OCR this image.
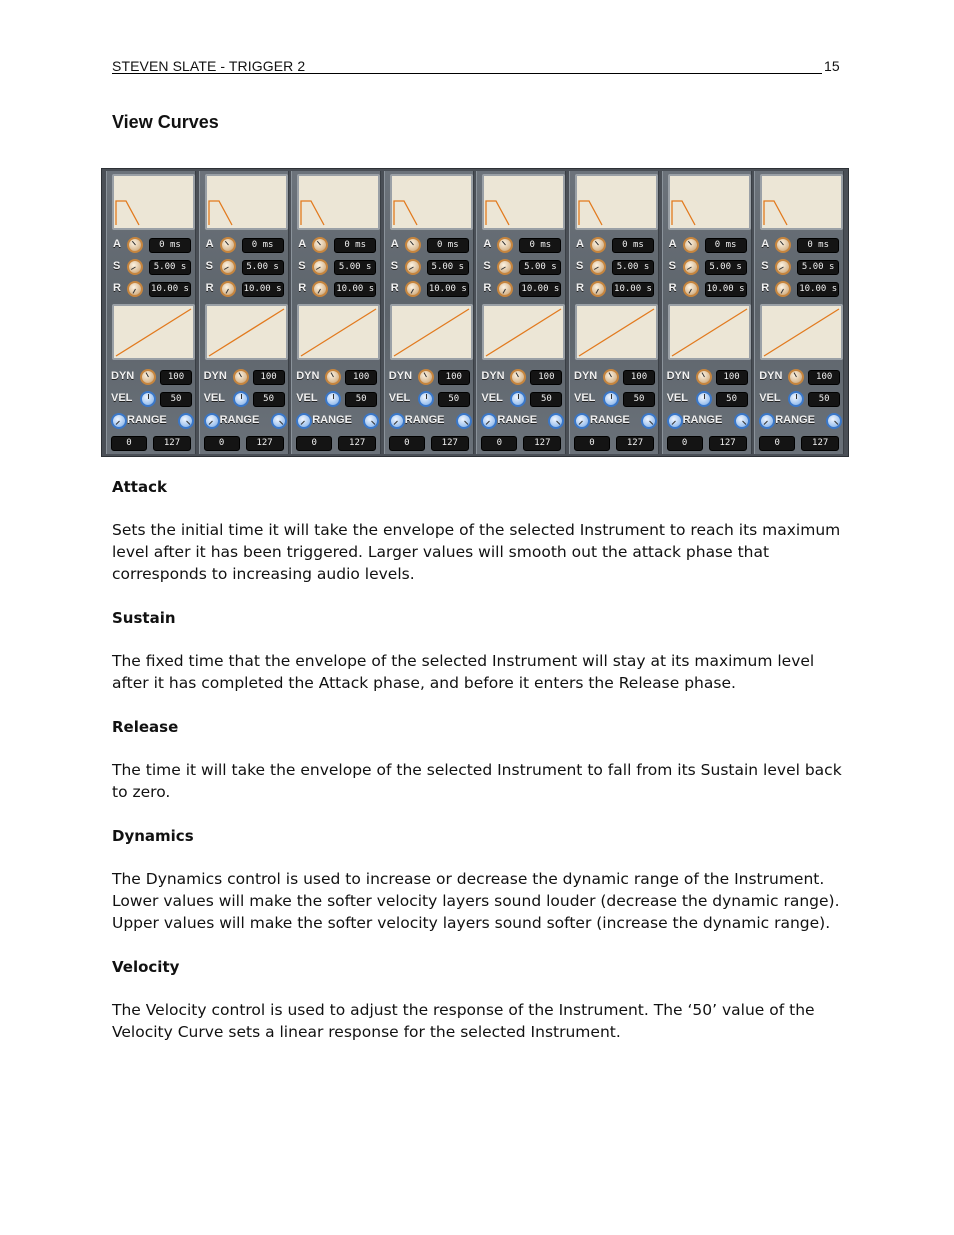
STEVEN SLATE - TRIGGER 2	15
View Curves
A	0 ms
S	5.00 s
R	10.00 s
DYN	100
VEL	50
RANGE
0	127
A	0 ms
S	5.00 s
R	10.00 s
DYN	100
VEL	50
RANGE
0	127
A	0 ms
S	5.00 s
R	10.00 s
DYN	100
VEL	50
RANGE
0	127
A	0 ms
S	5.00 s
R	10.00 s
DYN	100
VEL	50
RANGE
0	127
A	0 ms
S	5.00 s
R	10.00 s
DYN	100
VEL	50
RANGE
0	127
A	0 ms
S	5.00 s
R	10.00 s
DYN	100
VEL	50
RANGE
0	127
A	0 ms
S	5.00 s
R	10.00 s
DYN	100
VEL	50
RANGE
0	127
A	0 ms
S	5.00 s
R	10.00 s
DYN	100
VEL	50
RANGE
0	127
Attack

Sets the initial time it will take the envelope of the selected Instrument to reach its maximum level after it has been triggered. Larger values will smooth out the attack phase that corresponds to increasing audio levels.

Sustain

The fixed time that the envelope of the selected Instrument will stay at its maximum level after it has completed the Attack phase, and before it enters the Release phase.

Release

The time it will take the envelope of the selected Instrument to fall from its Sustain level back to zero.

Dynamics

The Dynamics control is used to increase or decrease the dynamic range of the Instrument. Lower values will make the softer velocity layers sound louder (decrease the dynamic range). Upper values will make the softer velocity layers sound softer (increase the dynamic range).

Velocity

The Velocity control is used to adjust the response of the Instrument. The ‘50’ value of the Velocity Curve sets a linear response for the selected Instrument.
